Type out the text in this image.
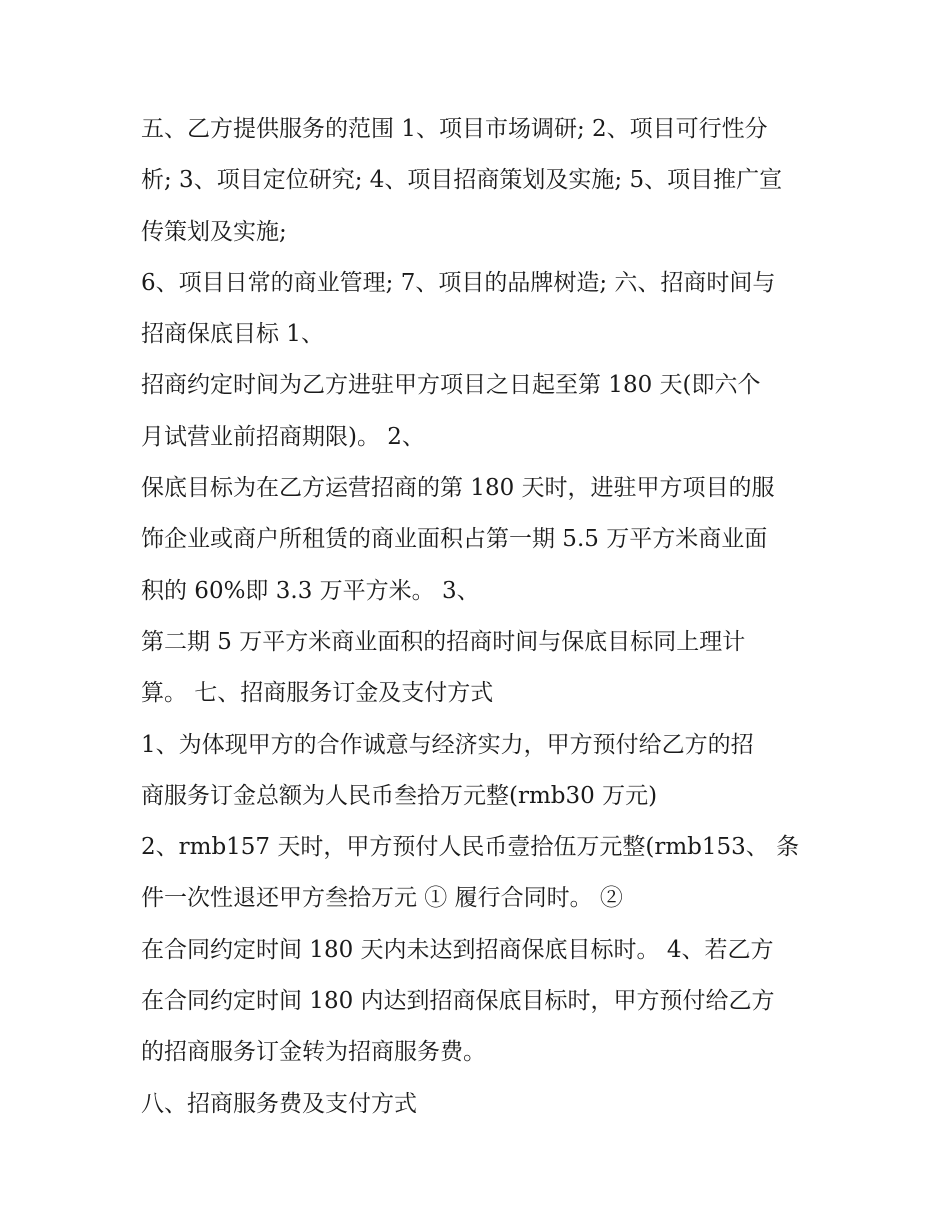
五、乙方提供服务的范围 1、项目市场调研; 2、项目可行性分
析; 3、项目定位研究; 4、项目招商策划及实施; 5、项目推广宣
传策划及实施;
6、项目日常的商业管理; 7、项目的品牌树造; 六、招商时间与
招商保底目标 1、
招商约定时间为乙方进驻甲方项目之日起至第 180 天(即六个
月试营业前招商期限)。 2、
保底目标为在乙方运营招商的第 180 天时，进驻甲方项目的服
饰企业或商户所租赁的商业面积占第一期 5.5 万平方米商业面
积的 60%即 3.3 万平方米。 3、
第二期 5 万平方米商业面积的招商时间与保底目标同上理计
算。 七、招商服务订金及支付方式
1、为体现甲方的合作诚意与经济实力，甲方预付给乙方的招
商服务订金总额为人民币叁拾万元整(rmb30 万元)
2、rmb157 天时，甲方预付人民币壹拾伍万元整(rmb153、 条
件一次性退还甲方叁拾万元 ① 履行合同时。 ②
在合同约定时间 180 天内未达到招商保底目标时。 4、若乙方
在合同约定时间 180 内达到招商保底目标时，甲方预付给乙方
的招商服务订金转为招商服务费。
八、招商服务费及支付方式
